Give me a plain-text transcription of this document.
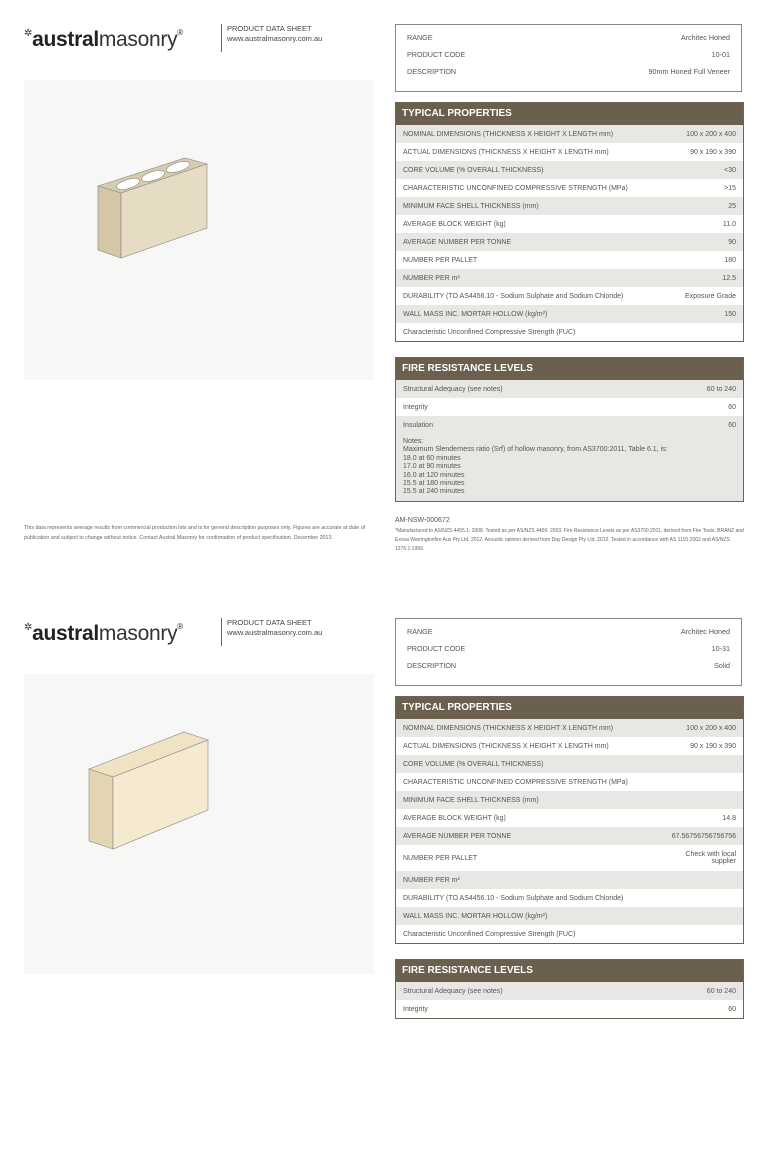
✲australmasonry®	PRODUCT DATA SHEET
www.australmasonry.com.au	RANGE	Architec Honed
PRODUCT CODE	10-01
DESCRIPTION	90mm Honed Full Veneer
TYPICAL PROPERTIES
NOMINAL DIMENSIONS (THICKNESS X HEIGHT X LENGTH mm)	100 x 200 x 400
ACTUAL DIMENSIONS (THICKNESS X HEIGHT X LENGTH mm)	90 x 190 x 390
CORE VOLUME (% OVERALL THICKNESS)	<30
CHARACTERISTIC UNCONFINED COMPRESSIVE STRENGTH (MPa)	>15
MINIMUM FACE SHELL THICKNESS (mm)	25
AVERAGE BLOCK WEIGHT (kg)	11.0
AVERAGE NUMBER PER TONNE	90
NUMBER PER PALLET	180
NUMBER PER m²	12.5
DURABILITY (TO AS4456.10 - Sodium Sulphate and Sodium Chloride)	Exposure Grade
WALL MASS INC. MORTAR HOLLOW (kg/m²)	150
Characteristic Unconfined Compressive Strength (FUC)
FIRE RESISTANCE LEVELS
Structural Adequacy (see notes)	60 to 240
Integrity	60
Insulation	60
Notes:
Maximum Slenderness ratio (Srf) of hollow masonry, from AS3700:2011, Table 6.1, is:
18.0 at 60 minutes
17.0 at 90 minutes
16.0 at 120 minutes
15.5 at 180 minutes
15.5 at 240 minutes
AM-NSW-000672
*Manufactured to AS/NZS 4455.1: 2008. Tested as per AS/NZS 4456: 2003. Fire Resistance Levels as per AS3700:2011, derived from Fire Tests, BRANZ and Exova Warringtonfire Aus Pty Ltd, 2012. Acoustic opinion derived from Day Design Pty Ltd, 2012. Tested in accordance with AS 1191:2002 and AS/NZS 1276.1:1999.
This data represents average results from commercial production lots and is for general description purposes only. Figures are accurate at date of publication and subject to change without notice. Contact Austral Masonry for confirmation of product specification. December 2013.
✲australmasonry®	PRODUCT DATA SHEET
www.australmasonry.com.au	RANGE	Architec Honed
PRODUCT CODE	10-31
DESCRIPTION	Solid
TYPICAL PROPERTIES
NOMINAL DIMENSIONS (THICKNESS X HEIGHT X LENGTH mm)	100 x 200 x 400
ACTUAL DIMENSIONS (THICKNESS X HEIGHT X LENGTH mm)	90 x 190 x 390
CORE VOLUME (% OVERALL THICKNESS)
CHARACTERISTIC UNCONFINED COMPRESSIVE STRENGTH (MPa)
MINIMUM FACE SHELL THICKNESS (mm)
AVERAGE BLOCK WEIGHT (kg)	14.8
AVERAGE NUMBER PER TONNE	67.56756756756756
NUMBER PER PALLET	Check with local supplier
NUMBER PER m²
DURABILITY (TO AS4456.10 - Sodium Sulphate and Sodium Chloride)
WALL MASS INC. MORTAR HOLLOW (kg/m²)
Characteristic Unconfined Compressive Strength (FUC)
FIRE RESISTANCE LEVELS
Structural Adequacy (see notes)	60 to 240
Integrity	60
